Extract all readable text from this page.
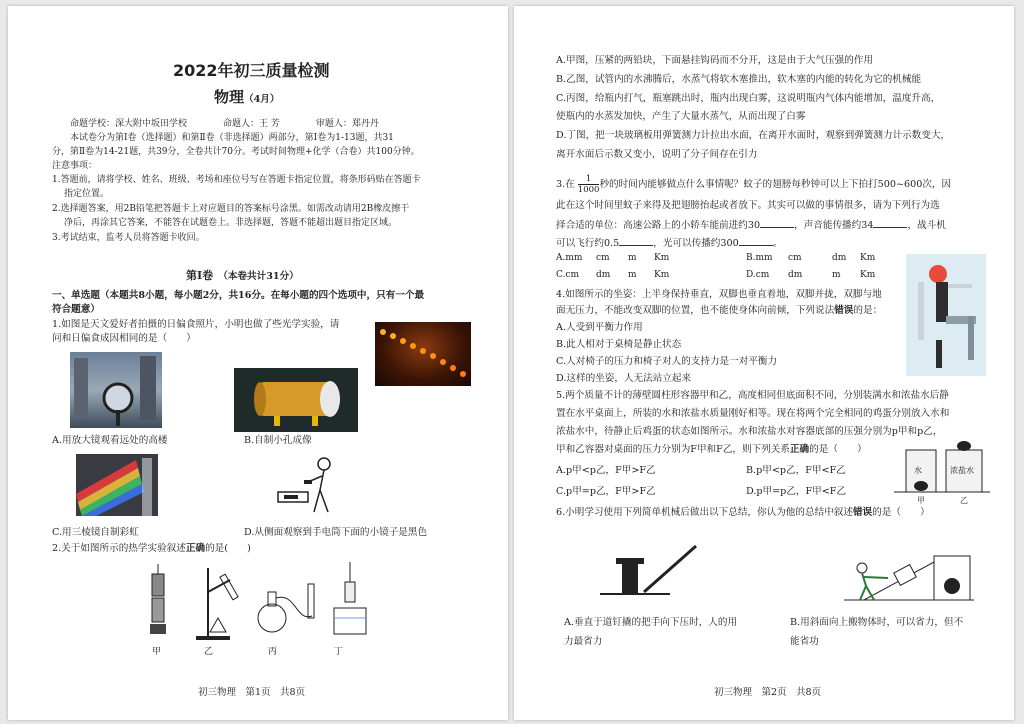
2022年初三质量检测
物理（4月）
命题学校：深大附中坂田学校　　　　命题人：王 芳　　　　审题人：郑丹丹
本试卷分为第Ⅰ卷（选择题）和第Ⅱ卷（非选择题）两部分，第Ⅰ卷为1-13题，共31
分，第Ⅱ卷为14-21题，共39分，全卷共计70分。考试时间物理+化学（合卷）共100分钟。
注意事项：
1.答题前，请将学校、姓名、班级、考场和座位号写在答题卡指定位置，将条形码贴在答题卡
指定位置。
2.选择题答案，用2B铅笔把答题卡上对应题目的答案标号涂黑。如需改动请用2B橡皮擦干
净后，再涂其它答案，不能答在试题卷上。非选择题，答题不能超出题目指定区域。
3.考试结束，监考人员将答题卡收回。
第Ⅰ卷 （本卷共计31分）
一、单选题（本题共8小题，每小题2分，共16分。在每小题的四个选项中，只有一个最
符合题意）
1.如图是天文爱好者拍摄的日偏食照片，小明也做了些光学实验，请
问和日偏食成因相同的是（　　）
A.用放大镜观看远处的高楼	B.自制小孔成像
C.用三棱镜自制彩虹	D.从侧面观察到手电筒下面的小镜子是黑色
2.关于如图所示的热学实验叙述正确的是(　　)
甲	乙	丙	丁
初三物理　第1页　共8页
A.甲图，压紧的两铅块，下面悬挂钩码而不分开，这是由于大气压强的作用
B.乙图，试管内的水沸腾后，水蒸气将软木塞推出，软木塞的内能的转化为它的机械能
C.丙图，给瓶内打气，瓶塞跳出时，瓶内出现白雾，这说明瓶内气体内能增加，温度升高，
使瓶内的水蒸发加快，产生了大量水蒸气，从而出现了白雾
D.丁图，把一块玻璃板用弹簧测力计拉出水面，在离开水面时，观察到弹簧测力计示数变大，
离开水面后示数又变小，说明了分子间存在引力
3.在 $\frac{1}{1000}$ 秒的时间内能够做点什么事情呢？蚊子的翅膀每秒钟可以上下拍打500~600次，因
此在这个时间里蚊子来得及把翅膀抬起或者放下。其实可以做的事情很多，请为下列行为选
择合适的单位：高速公路上的小轿车能前进约30	，声音能传播约34	，战斗机
可以飞行约0.5	，光可以传播约300	。
A.mm cm m Km	B.mm cm	dm Km
C.cm dm m Km	D.cm dm	m Km
4.如图所示的坐姿：上半身保持垂直，双脚也垂直着地，双脚并拢，双脚与地
面无压力，不能改变双脚的位置，也不能使身体向前倾，下列说法错误的是：
A.人受到平衡力作用
B.此人相对于桌椅是静止状态
C.人对椅子的压力和椅子对人的支持力是一对平衡力
D.这样的坐姿，人无法站立起来
5.两个质量不计的薄壁圆柱形容器甲和乙，高度相同但底面积不同，分别装满水和浓盐水后静
置在水平桌面上，所装的水和浓盐水质量刚好相等。现在将两个完全相同的鸡蛋分别放入水和
浓盐水中，待静止后鸡蛋的状态如图所示。水和浓盐水对容器底部的压强分别为p甲和p乙，
甲和乙容器对桌面的压力分别为F甲和F乙，则下列关系正确的是（　　）
A.p甲<p乙，F甲>F乙	B.p甲<p乙，F甲<F乙
C.p甲=p乙，F甲>F乙	D.p甲=p乙，F甲<F乙
水	浓盐水
甲	乙
6.小明学习使用下列简单机械后做出以下总结，你认为他的总结中叙述错误的是（　　）
A.垂直于道钉撬的把手向下压时，人的用
力最省力
B.用斜面向上搬物体时，可以省力，但不
能省功
初三物理　第2页　共8页
